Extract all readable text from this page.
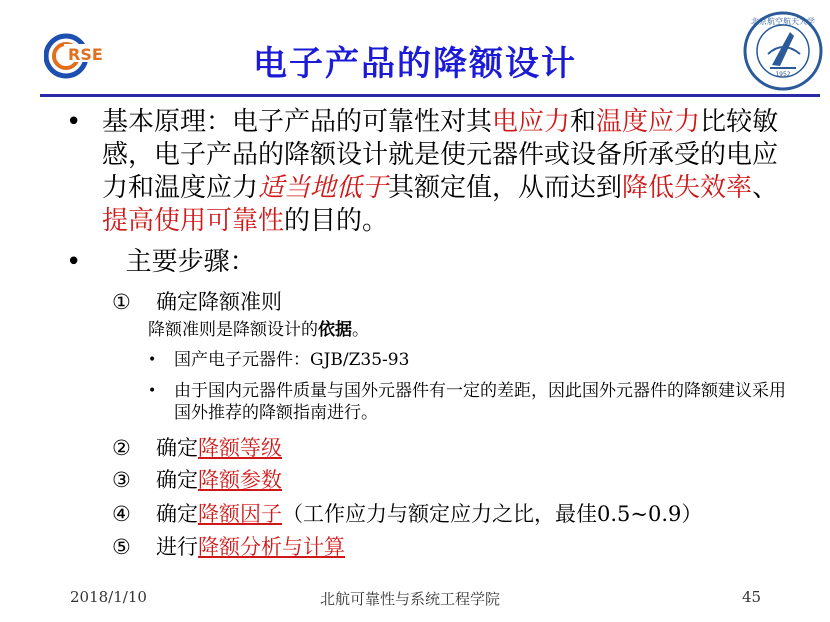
RSE
北京航空航天大学
1952
电子产品的降额设计
• 基本原理：电子产品的可靠性对其电应力和温度应力比较敏感，电子产品的降额设计就是使元器件或设备所承受的电应力和温度应力适当地低于其额定值，从而达到降低失效率、提高使用可靠性的目的。
• 主要步骤：
① 确定降额准则
降额准则是降额设计的依据。
• 国产电子元器件：GJB/Z35-93
• 由于国内元器件质量与国外元器件有一定的差距，因此国外元器件的降额建议采用国外推荐的降额指南进行。
② 确定降额等级
③ 确定降额参数
④ 确定降额因子（工作应力与额定应力之比，最佳0.5~0.9）
⑤ 进行降额分析与计算
2018/1/10	北航可靠性与系统工程学院	45
